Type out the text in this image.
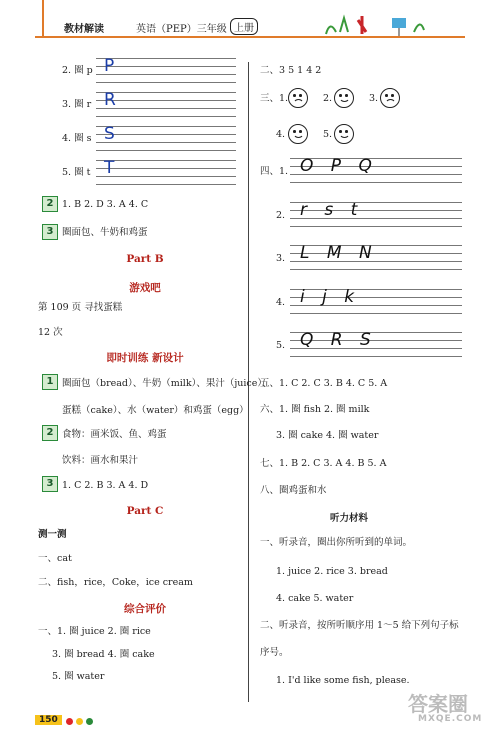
教材解读	英语（PEP）三年级 上册
2. 圈 p P
3. 圈 r R
4. 圈 s S
5. 圈 t T
2 1. B 2. D 3. A 4. C
3 圈面包、牛奶和鸡蛋
Part B
游戏吧
第 109 页 寻找蛋糕
12 次
即时训练 新设计
1 圈面包（bread）、牛奶（milk）、果汁（juice）、
蛋糕（cake）、水（water）和鸡蛋（egg）
2 食物：画米饭、鱼、鸡蛋
饮料：画水和果汁
3 1. C 2. B 3. A 4. D
Part C
测一测
一、cat
二、fish，rice，Coke，ice cream
综合评价
一、1. 圈 juice 2. 圈 rice
3. 圈 bread 4. 圈 cake
5. 圈 water
二、3 5 1 4 2
三、1.	2.	3.
4.	5.
四、1. O P Q
2. r s t
3. L M N
4. i j k
5. Q R S
五、1. C 2. C 3. B 4. C 5. A
六、1. 圈 fish 2. 圈 milk
3. 圈 cake 4. 圈 water
七、1. B 2. C 3. A 4. B 5. A
八、圈鸡蛋和水
听力材料
一、听录音，圈出你所听到的单词。
1. juice 2. rice 3. bread
4. cake 5. water
二、听录音，按所听顺序用 1～5 给下列句子标
序号。
1. I'd like some fish, please.
150
答案圈
MXQE.COM
